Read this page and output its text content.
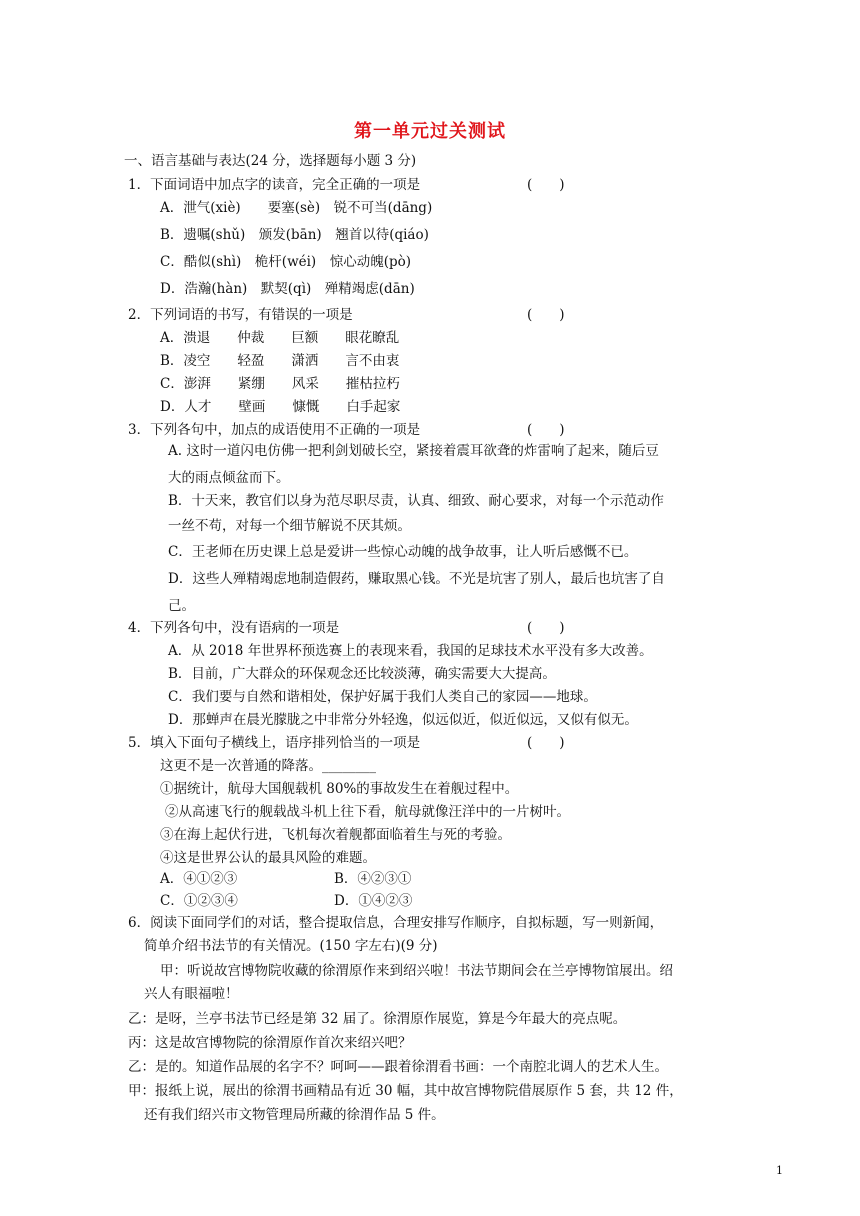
第一单元过关测试
一、语言基础与表达(24 分，选择题每小题 3 分)
1．下面词语中加点字的读音，完全正确的一项是	(　　)
A．泄气(xiè)　　要塞(sè)　锐不可当(dāng)
B．遗嘱(shǔ)　颁发(bān)　翘首以待(qiáo)
C．酷似(shì)　桅杆(wéi)　惊心动魄(pò)
D．浩瀚(hàn)　默契(qì)　殚精竭虑(dān)
2．下列词语的书写，有错误的一项是	(　　)
A．溃退　　仲裁　　巨额　　眼花瞭乱
B．凌空　　轻盈　　潇洒　　言不由衷
C．澎湃　　紧绷　　风采　　摧枯拉朽
D．人才　　壁画　　慷慨　　白手起家
3．下列各句中，加点的成语使用不正确的一项是	(　　)
A. 这时一道闪电仿佛一把利剑划破长空，紧接着震耳欲聋的炸雷响了起来，随后豆
大的雨点倾盆而下。
B．十天来，教官们以身为范尽职尽责，认真、细致、耐心要求，对每一个示范动作
一丝不苟，对每一个细节解说不厌其烦。
C．王老师在历史课上总是爱讲一些惊心动魄的战争故事，让人听后感慨不已。
D．这些人殚精竭虑地制造假药，赚取黑心钱。不光是坑害了别人，最后也坑害了自
己。
4．下列各句中，没有语病的一项是	(　　)
A．从 2018 年世界杯预选赛上的表现来看，我国的足球技术水平没有多大改善。
B．目前，广大群众的环保观念还比较淡薄，确实需要大大提高。
C．我们要与自然和谐相处，保护好属于我们人类自己的家园——地球。
D．那蝉声在晨光朦胧之中非常分外轻逸，似远似近，似近似远，又似有似无。
5．填入下面句子横线上，语序排列恰当的一项是	(　　)
这更不是一次普通的降落。________
①据统计，航母大国舰载机 80%的事故发生在着舰过程中。
②从高速飞行的舰载战斗机上往下看，航母就像汪洋中的一片树叶。
③在海上起伏行进，飞机每次着舰都面临着生与死的考验。
④这是世界公认的最具风险的难题。
A．④①②③	B．④②③①
C．①②③④	D．①④②③
6．阅读下面同学们的对话，整合提取信息，合理安排写作顺序，自拟标题，写一则新闻，
简单介绍书法节的有关情况。(150 字左右)(9 分)
甲：听说故宫博物院收藏的徐渭原作来到绍兴啦！书法节期间会在兰亭博物馆展出。绍
兴人有眼福啦！
乙：是呀，兰亭书法节已经是第 32 届了。徐渭原作展览，算是今年最大的亮点呢。
丙：这是故宫博物院的徐渭原作首次来绍兴吧？
乙：是的。知道作品展的名字不？呵呵——跟着徐渭看书画：一个南腔北调人的艺术人生。
甲：报纸上说，展出的徐渭书画精品有近 30 幅，其中故宫博物院借展原作 5 套，共 12 件，
还有我们绍兴市文物管理局所藏的徐渭作品 5 件。
1
